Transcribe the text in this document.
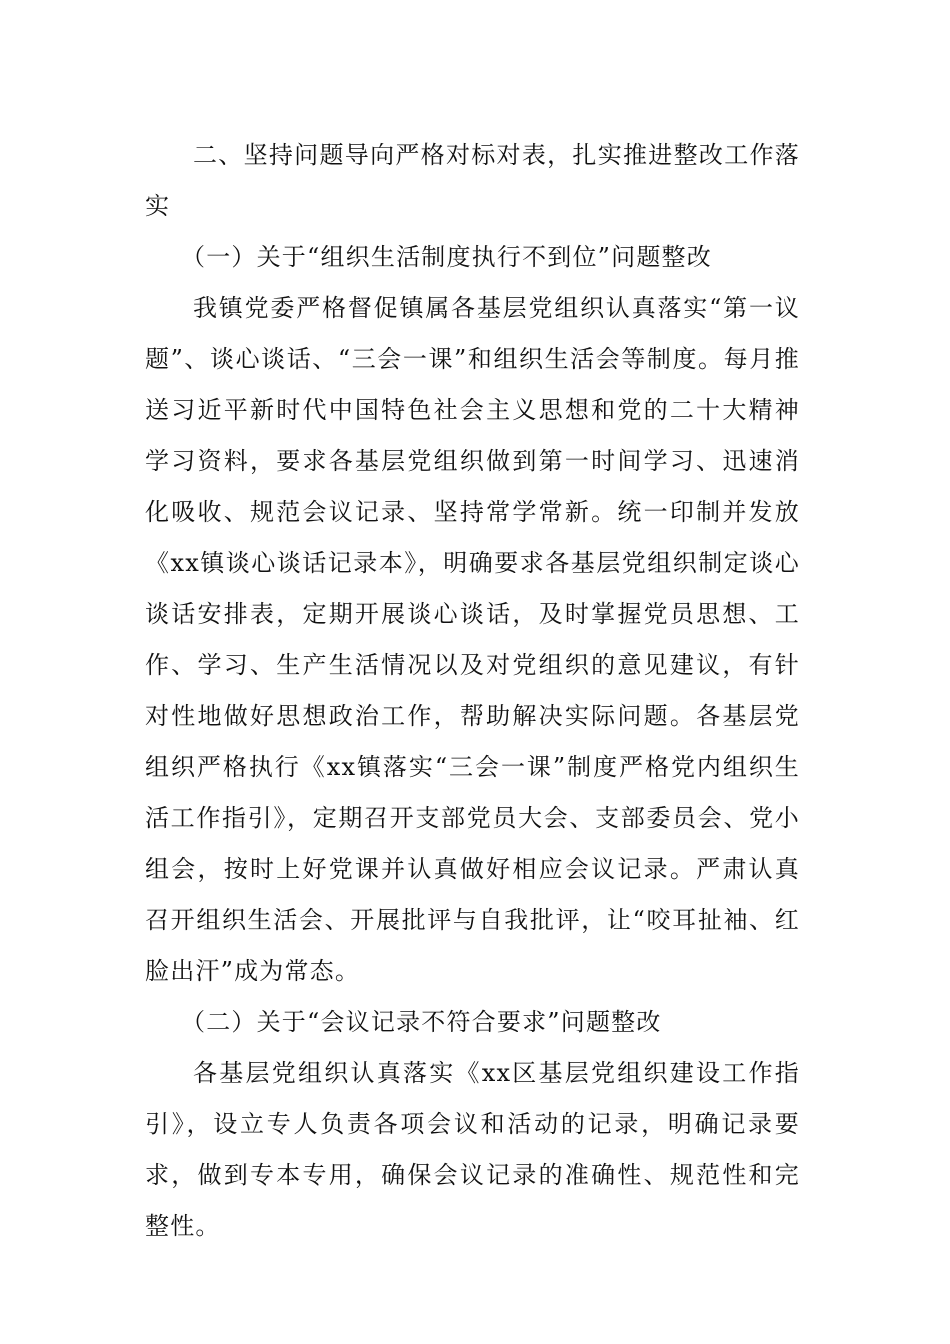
二、坚持问题导向严格对标对表，扎实推进整改工作落实

（一）关于“组织生活制度执行不到位”问题整改

我镇党委严格督促镇属各基层党组织认真落实“第一议题”、谈心谈话、“三会一课”和组织生活会等制度。每月推送习近平新时代中国特色社会主义思想和党的二十大精神学习资料，要求各基层党组织做到第一时间学习、迅速消化吸收、规范会议记录、坚持常学常新。统一印制并发放《xx镇谈心谈话记录本》，明确要求各基层党组织制定谈心谈话安排表，定期开展谈心谈话，及时掌握党员思想、工作、学习、生产生活情况以及对党组织的意见建议，有针对性地做好思想政治工作，帮助解决实际问题。各基层党组织严格执行《xx镇落实“三会一课”制度严格党内组织生活工作指引》，定期召开支部党员大会、支部委员会、党小组会，按时上好党课并认真做好相应会议记录。严肃认真召开组织生活会、开展批评与自我批评，让“咬耳扯袖、红脸出汗”成为常态。

（二）关于“会议记录不符合要求”问题整改

各基层党组织认真落实《xx区基层党组织建设工作指引》，设立专人负责各项会议和活动的记录，明确记录要求，做到专本专用，确保会议记录的准确性、规范性和完整性。
